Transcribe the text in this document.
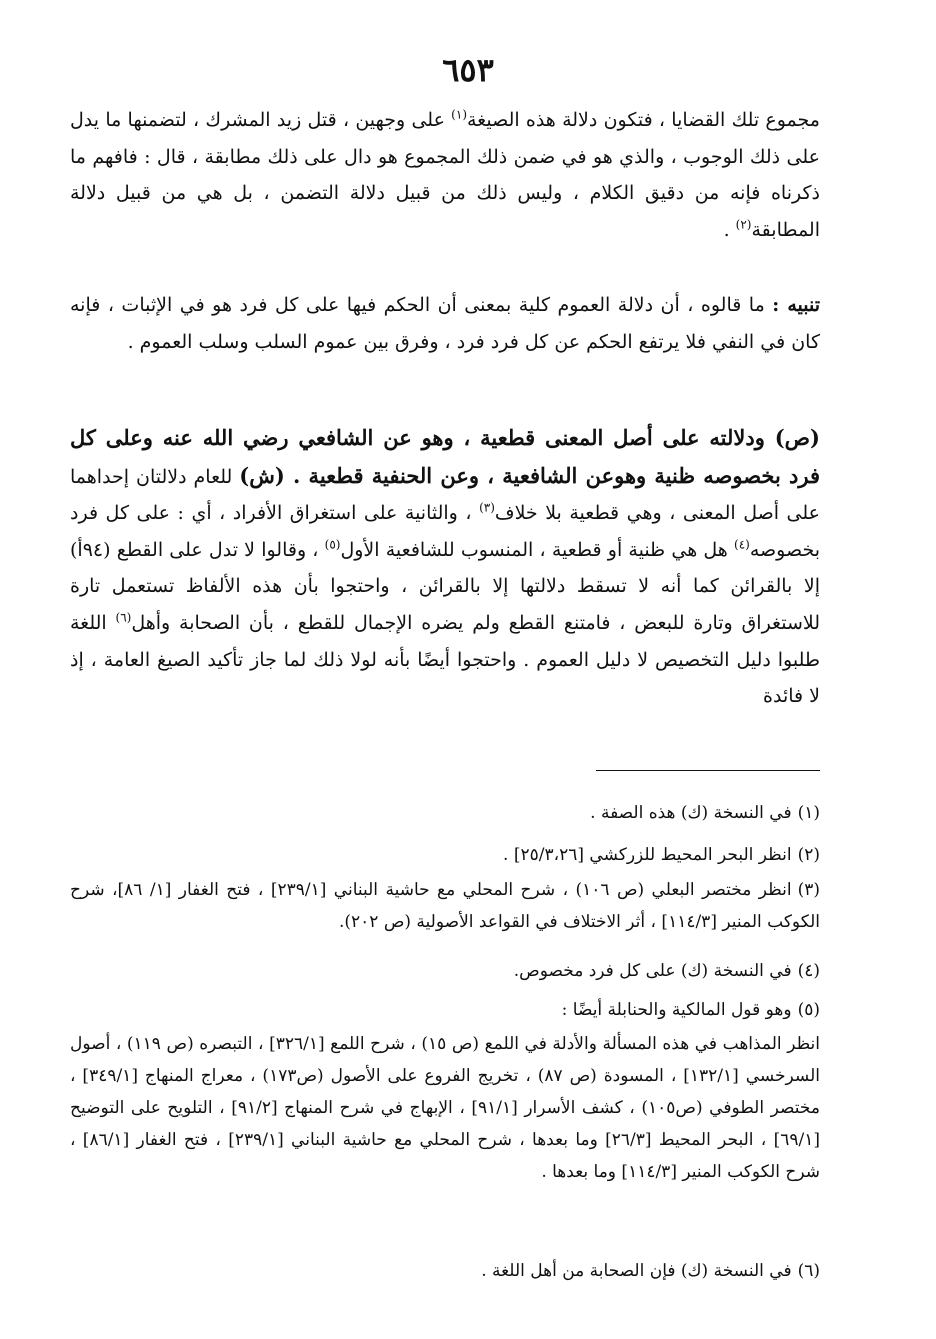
٦٥٣

مجموع تلك القضايا ، فتكون دلالة هذه الصيغة$^{(١)}$ على وجهين ، قتل زيد المشرك ، لتضمنها ما يدل على ذلك الوجوب ، والذي هو في ضمن ذلك المجموع هو دال على ذلك مطابقة ، قال : فافهم ما ذكرناه فإنه من دقيق الكلام ، وليس ذلك من قبيل دلالة التضمن ، بل هي من قبيل دلالة المطابقة$^{(٢)}$ .

تنبيه : ما قالوه ، أن دلالة العموم كلية بمعنى أن الحكم فيها على كل فرد هو في الإثبات ، فإنه كان في النفي فلا يرتفع الحكم عن كل فرد فرد ، وفرق بين عموم السلب وسلب العموم .

(ص) ودلالته على أصل المعنى قطعية ، وهو عن الشافعي رضي الله عنه وعلى كل فرد بخصوصه ظنية وهوعن الشافعية ، وعن الحنفية قطعية . (ش) للعام دلالتان إحداهما على أصل المعنى ، وهي قطعية بلا خلاف$^{(٣)}$ ، والثانية على استغراق الأفراد ، أي : على كل فرد بخصوصه$^{(٤)}$ هل هي ظنية أو قطعية ، المنسوب للشافعية الأول$^{(٥)}$ ، وقالوا لا تدل على القطع (٩٤أ) إلا بالقرائن كما أنه لا تسقط دلالتها إلا بالقرائن ، واحتجوا بأن هذه الألفاظ تستعمل تارة للاستغراق وتارة للبعض ، فامتنع القطع ولم يضره الإجمال للقطع ، بأن الصحابة وأهل$^{(٦)}$ اللغة طلبوا دليل التخصيص لا دليل العموم . واحتجوا أيضًا بأنه لولا ذلك لما جاز تأكيد الصيغ العامة ، إذ لا فائدة

(١)في النسخة (ك) هذه الصفة .

(٢)انظر البحر المحيط للزركشي [٢٥/٣،٢٦] .

(٣)انظر مختصر البعلي (ص ١٠٦) ، شرح المحلي مع حاشية البناني [٢٣٩/١] ، فتح الغفار [١/ ٨٦]، شرح الكوكب المنير [١١٤/٣] ، أثر الاختلاف في القواعد الأصولية (ص ٢٠٢).

(٤)في النسخة (ك) على كل فرد مخصوص.

(٥)وهو قول المالكية والحنابلة أيضًا :

انظر المذاهب في هذه المسألة والأدلة في اللمع (ص ١٥) ، شرح اللمع [٣٢٦/١] ، التبصره (ص ١١٩) ، أصول السرخسي [١٣٢/١] ، المسودة (ص ٨٧) ، تخريج الفروع على الأصول (ص١٧٣) ، معراج المنهاج [٣٤٩/١] ، مختصر الطوفي (ص١٠٥) ، كشف الأسرار [٩١/١] ، الإبهاج في شرح المنهاج [٩١/٢] ، التلويح على التوضيح [٦٩/١] ، البحر المحيط [٢٦/٣] وما بعدها ، شرح المحلي مع حاشية البناني [٢٣٩/١] ، فتح الغفار [٨٦/١] ، شرح الكوكب المنير [١١٤/٣] وما بعدها .

(٦)في النسخة (ك) فإن الصحابة من أهل اللغة .
